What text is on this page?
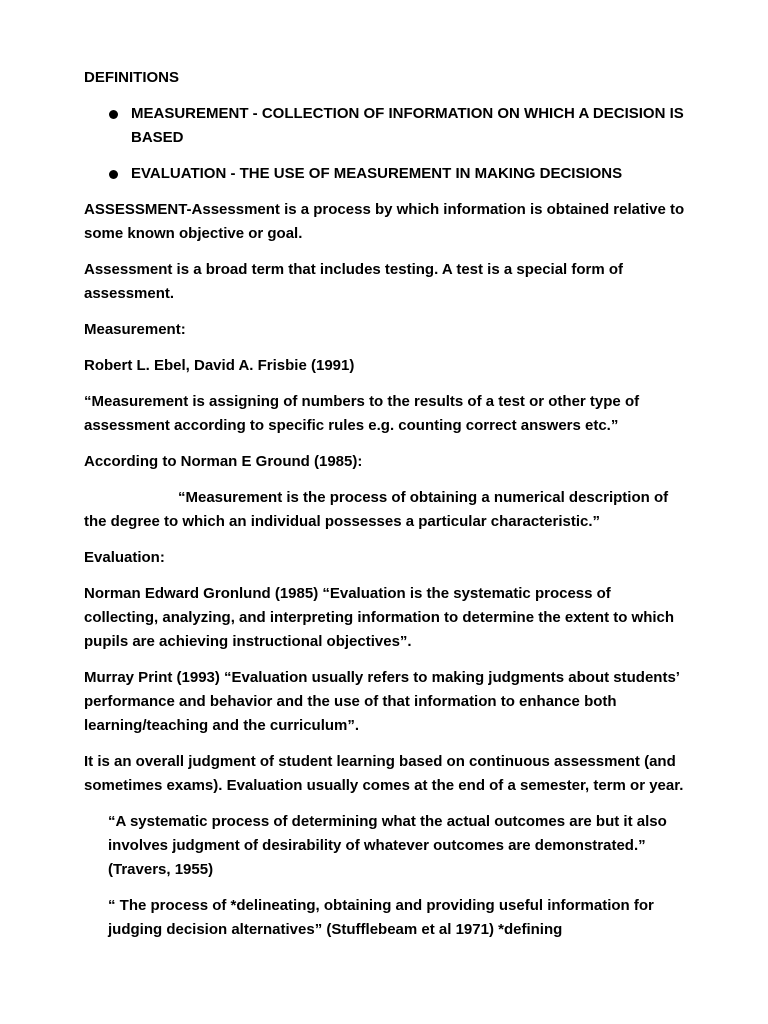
DEFINITIONS

MEASUREMENT - COLLECTION OF INFORMATION ON WHICH A DECISION IS BASED
EVALUATION - THE USE OF MEASUREMENT IN MAKING DECISIONS

ASSESSMENT-Assessment is a process by which information is obtained relative to some known objective or goal.

Assessment is a broad term that includes testing. A test is a special form of assessment.

Measurement:

Robert L. Ebel, David A. Frisbie (1991)

“Measurement is assigning of numbers to the results of a test or other type of assessment according to specific rules e.g. counting correct answers etc.”

According to Norman E Ground (1985):

“Measurement is the process of obtaining a numerical description of the degree to which an individual possesses a particular characteristic.”

Evaluation:

Norman Edward Gronlund (1985) “Evaluation is the systematic process of collecting, analyzing, and interpreting information to determine the extent to which pupils are achieving instructional objectives”.

Murray Print (1993) “Evaluation usually refers to making judgments about students’ performance and behavior and the use of that information to enhance both learning/teaching and the curriculum”.

It is an overall judgment of student learning based on continuous assessment (and sometimes exams). Evaluation usually comes at the end of a semester, term or year.

“A systematic process of determining what the actual outcomes are but it also involves judgment of desirability of whatever outcomes are demonstrated.” (Travers, 1955)

“ The process of *delineating, obtaining and providing useful information for judging decision alternatives” (Stufflebeam et al 1971) *defining
